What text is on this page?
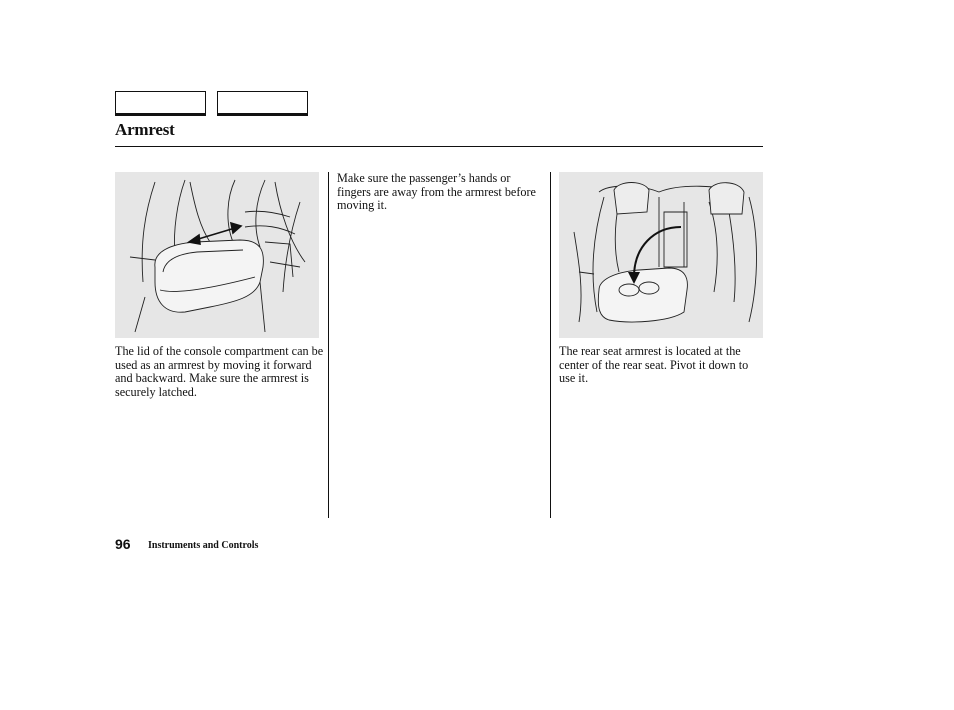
Armrest
The lid of the console compartment can be used as an armrest by moving it forward and backward. Make sure the armrest is securely latched.
Make sure the passenger’s hands or fingers are away from the armrest before moving it.
The rear seat armrest is located at the center of the rear seat. Pivot it down to use it.
96 Instruments and Controls
